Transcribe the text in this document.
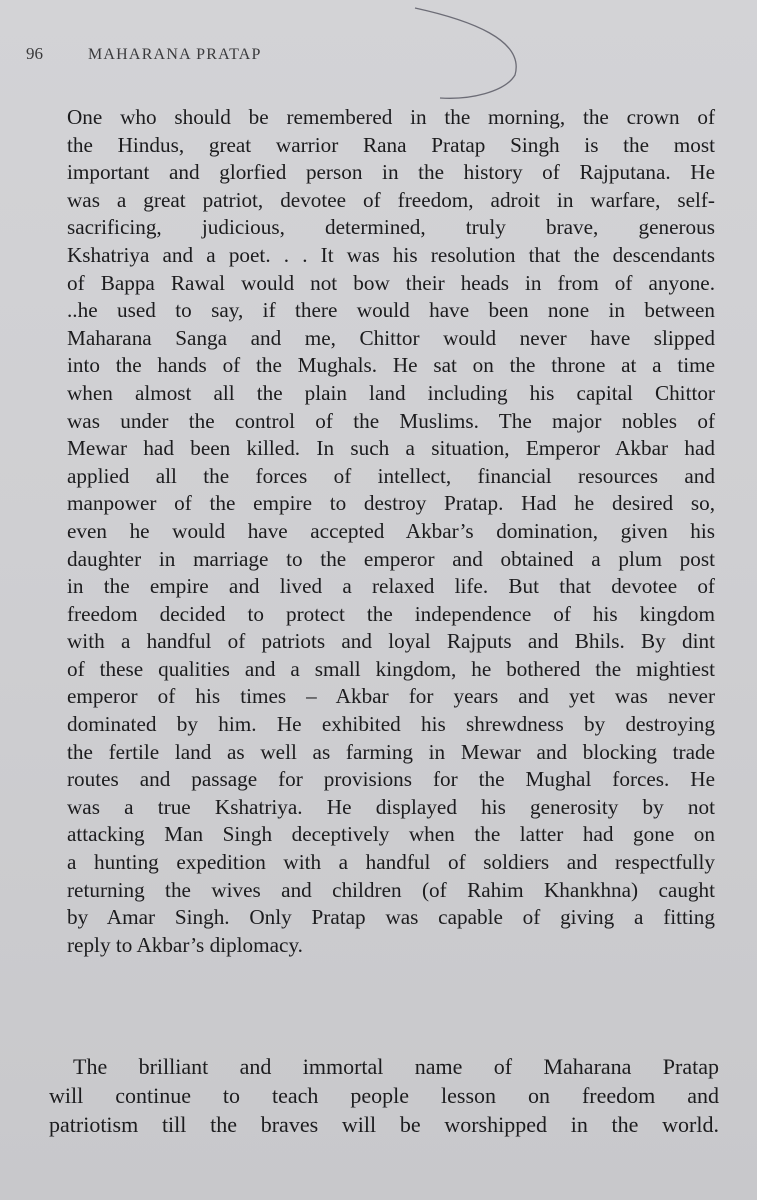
96	MAHARANA PRATAP
One who should be remembered in the morning, the crown of
the Hindus, great warrior Rana Pratap Singh is the most
important and glorfied person in the history of Rajputana. He
was a great patriot, devotee of freedom, adroit in warfare, self-
sacrificing, judicious, determined, truly brave, generous
Kshatriya and a poet. . . It was his resolution that the descendants
of Bappa Rawal would not bow their heads in from of anyone.
..he used to say, if there would have been none in between
Maharana Sanga and me, Chittor would never have slipped
into the hands of the Mughals. He sat on the throne at a time
when almost all the plain land including his capital Chittor
was under the control of the Muslims. The major nobles of
Mewar had been killed. In such a situation, Emperor Akbar had
applied all the forces of intellect, financial resources and
manpower of the empire to destroy Pratap. Had he desired so,
even he would have accepted Akbar’s domination, given his
daughter in marriage to the emperor and obtained a plum post
in the empire and lived a relaxed life. But that devotee of
freedom decided to protect the independence of his kingdom
with a handful of patriots and loyal Rajputs and Bhils. By dint
of these qualities and a small kingdom, he bothered the mightiest
emperor of his times – Akbar for years and yet was never
dominated by him. He exhibited his shrewdness by destroying
the fertile land as well as farming in Mewar and blocking trade
routes and passage for provisions for the Mughal forces. He
was a true Kshatriya. He displayed his generosity by not
attacking Man Singh deceptively when the latter had gone on
a hunting expedition with a handful of soldiers and respectfully
returning the wives and children (of Rahim Khankhna) caught
by Amar Singh. Only Pratap was capable of giving a fitting
reply to Akbar’s diplomacy.
The brilliant and immortal name of Maharana Pratap
will continue to teach people lesson on freedom and
patriotism till the braves will be worshipped in the world.
